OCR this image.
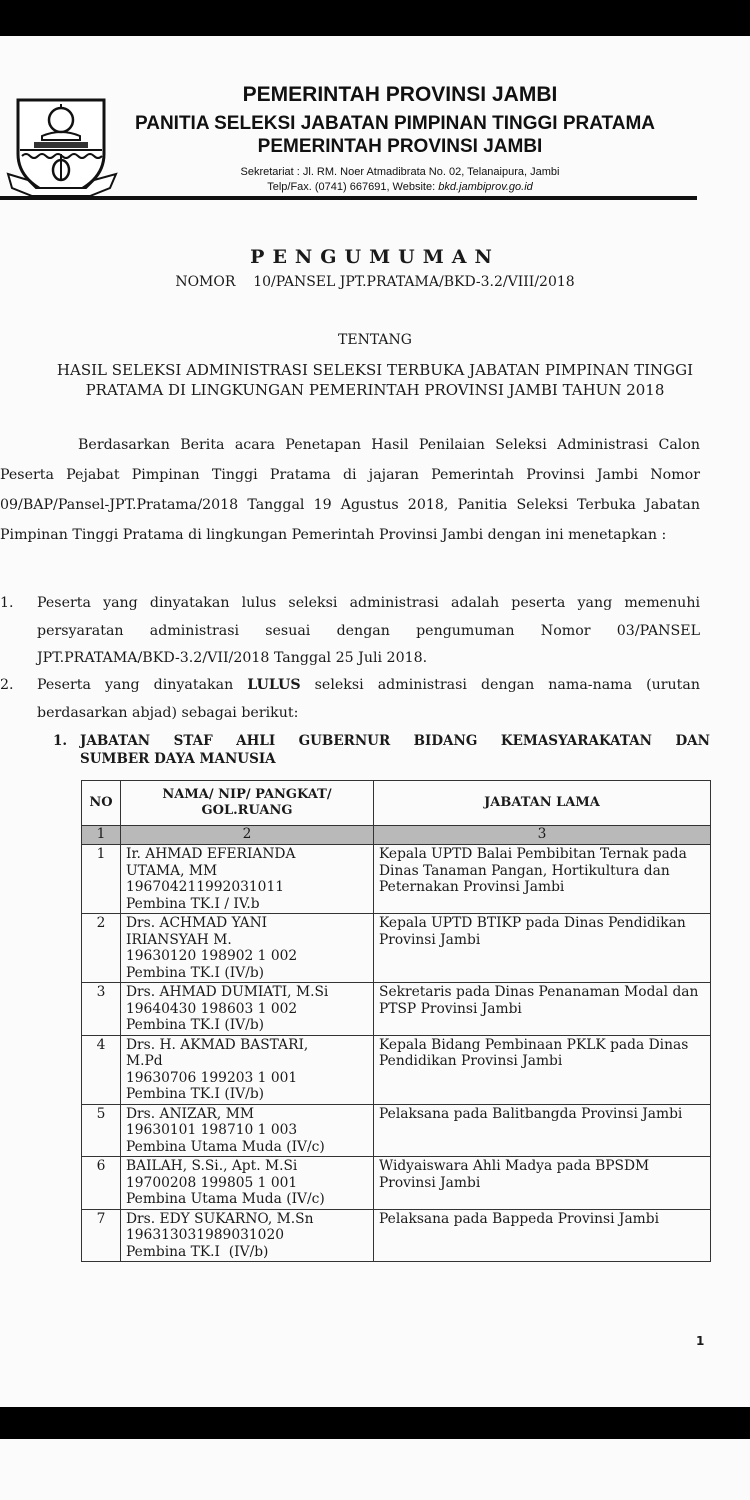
PEMERINTAH PROVINSI JAMBI
PANITIA SELEKSI JABATAN PIMPINAN TINGGI PRATAMA
PEMERINTAH PROVINSI JAMBI
Sekretariat : Jl. RM. Noer Atmadibrata No. 02, Telanaipura, Jambi
Telp/Fax. (0741) 667691, Website: bkd.jambiprov.go.id
PENGUMUMAN
NOMOR    10/PANSEL JPT.PRATAMA/BKD-3.2/VIII/2018
TENTANG
HASIL SELEKSI ADMINISTRASI SELEKSI TERBUKA JABATAN PIMPINAN TINGGI
PRATAMA DI LINGKUNGAN PEMERINTAH PROVINSI JAMBI TAHUN 2018
Berdasarkan Berita acara Penetapan Hasil Penilaian Seleksi Administrasi Calon Peserta Pejabat Pimpinan Tinggi Pratama di jajaran Pemerintah Provinsi Jambi Nomor 09/BAP/Pansel-JPT.Pratama/2018 Tanggal 19 Agustus 2018, Panitia Seleksi Terbuka Jabatan Pimpinan Tinggi Pratama di lingkungan Pemerintah Provinsi Jambi dengan ini menetapkan :
1. Peserta yang dinyatakan lulus seleksi administrasi adalah peserta yang memenuhi persyaratan administrasi sesuai dengan pengumuman Nomor 03/PANSEL JPT.PRATAMA/BKD-3.2/VII/2018 Tanggal 25 Juli 2018.
2. Peserta yang dinyatakan LULUS seleksi administrasi dengan nama-nama (urutan berdasarkan abjad) sebagai berikut:
1. JABATAN STAF AHLI GUBERNUR BIDANG KEMASYARAKATAN DAN
SUMBER DAYA MANUSIA
NO	NAMA/ NIP/ PANGKAT/ GOL.RUANG	JABATAN LAMA
1	2	3
1	Ir. AHMAD EFERIANDA
UTAMA, MM
196704211992031011
Pembina TK.I / IV.b	Kepala UPTD Balai Pembibitan Ternak pada Dinas Tanaman Pangan, Hortikultura dan Peternakan Provinsi Jambi
2	Drs. ACHMAD YANI
IRIANSYAH M.
19630120 198902 1 002
Pembina TK.I (IV/b)	Kepala UPTD BTIKP pada Dinas Pendidikan Provinsi Jambi
3	Drs. AHMAD DUMIATI, M.Si
19640430 198603 1 002
Pembina TK.I (IV/b)	Sekretaris pada Dinas Penanaman Modal dan PTSP Provinsi Jambi
4	Drs. H. AKMAD BASTARI,
M.Pd
19630706 199203 1 001
Pembina TK.I (IV/b)	Kepala Bidang Pembinaan PKLK pada Dinas Pendidikan Provinsi Jambi
5	Drs. ANIZAR, MM
19630101 198710 1 003
Pembina Utama Muda (IV/c)	Pelaksana pada Balitbangda Provinsi Jambi
6	BAILAH, S.Si., Apt. M.Si
19700208 199805 1 001
Pembina Utama Muda (IV/c)	Widyaiswara Ahli Madya pada BPSDM Provinsi Jambi
7	Drs. EDY SUKARNO, M.Sn
196313031989031020
Pembina TK.I  (IV/b)	Pelaksana pada Bappeda Provinsi Jambi
1
